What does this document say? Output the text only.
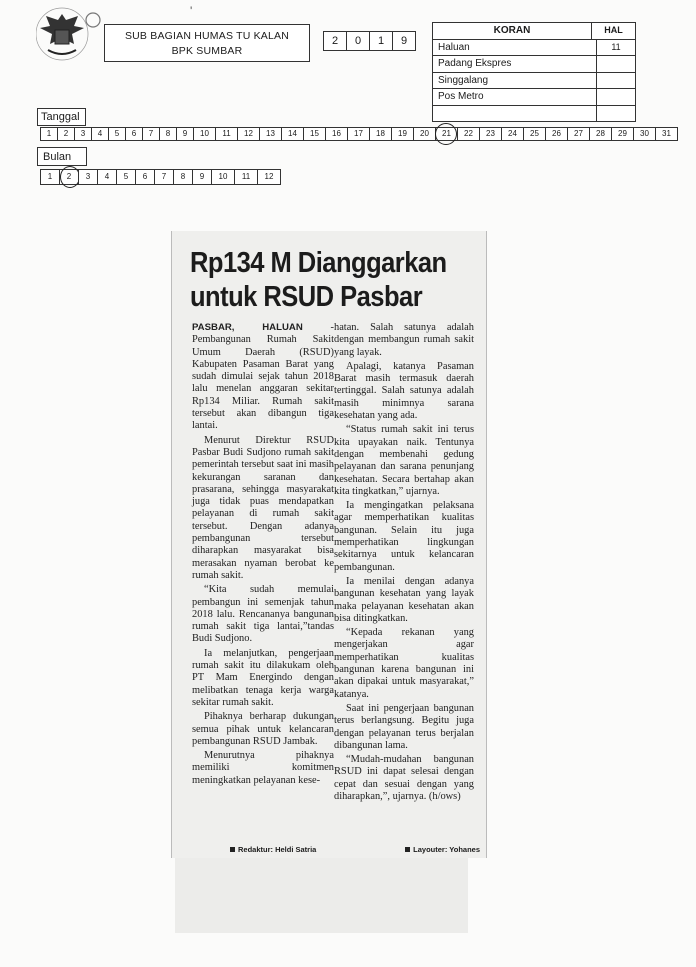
'
SUB BAGIAN HUMAS TU KALAN
BPK SUMBAR
2	0	1	9
KORAN	HAL
Haluan	11
Padang Ekspres
Singgalang
Pos Metro
Tanggal
1	2	3	4	5	6	7	8	9	10	11	12	13	14	15	16	17	18	19	20	21	22	23	24	25	26	27	28	29	30	31
Bulan
1	2	3	4	5	6	7	8	9	10	11	12
Rp134 M Dianggarkan
untuk RSUD Pasbar

PASBAR, HALUAN - Pembangunan Rumah Sakit Umum Daerah (RSUD) Kabupaten Pasaman Barat yang sudah dimulai sejak tahun 2018 lalu menelan anggaran sekitar Rp134 Miliar. Rumah sakit tersebut akan dibangun tiga lantai.

Menurut Direktur RSUD Pasbar Budi Sudjono rumah sakit pemerintah tersebut saat ini masih kekurangan saranan dan prasarana, sehingga masyarakat juga tidak puas mendapatkan pelayanan di rumah sakit tersebut. Dengan adanya pembangunan tersebut diharapkan masyarakat bisa merasakan nyaman berobat ke rumah sakit.

“Kita sudah memulai pembangun ini semenjak tahun 2018 lalu. Rencananya bangunan rumah sakit tiga lantai,”tandas Budi Sudjono.

Ia melanjutkan, pengerjaan rumah sakit itu dilakukam oleh PT Mam Energindo dengan melibatkan tenaga kerja warga sekitar rumah sakit.

Pihaknya berharap dukungan semua pihak untuk kelancaran pembangunan RSUD Jambak.

Menurutnya pihaknya memiliki komitmen meningkatkan pelayanan kese-

hatan. Salah satunya adalah dengan membangun rumah sakit yang layak.

Apalagi, katanya Pasaman Barat masih termasuk daerah tertinggal. Salah satunya adalah masih minimnya sarana kesehatan yang ada.

“Status rumah sakit ini terus kita upayakan naik. Tentunya dengan membenahi gedung pelayanan dan sarana penunjang kesehatan. Secara bertahap akan kita tingkatkan,” ujarnya.

Ia mengingatkan pelaksana agar memperhatikan kualitas bangunan. Selain itu juga memperhatikan lingkungan sekitarnya untuk kelancaran pembangunan.

Ia menilai dengan adanya bangunan kesehatan yang layak maka pelayanan kesehatan akan bisa ditingkatkan.

“Kepada rekanan yang mengerjakan agar memperhatikan kualitas bangunan karena bangunan ini akan dipakai untuk masyarakat,” katanya.

Saat ini pengerjaan bangunan terus berlangsung. Begitu juga dengan pelayanan terus berjalan dibangunan lama.

“Mudah-mudahan bangunan RSUD ini dapat selesai dengan cepat dan sesuai dengan yang diharapkan,”, ujarnya. (h/ows)

Redaktur: Heldi Satria	Layouter: Yohanes
